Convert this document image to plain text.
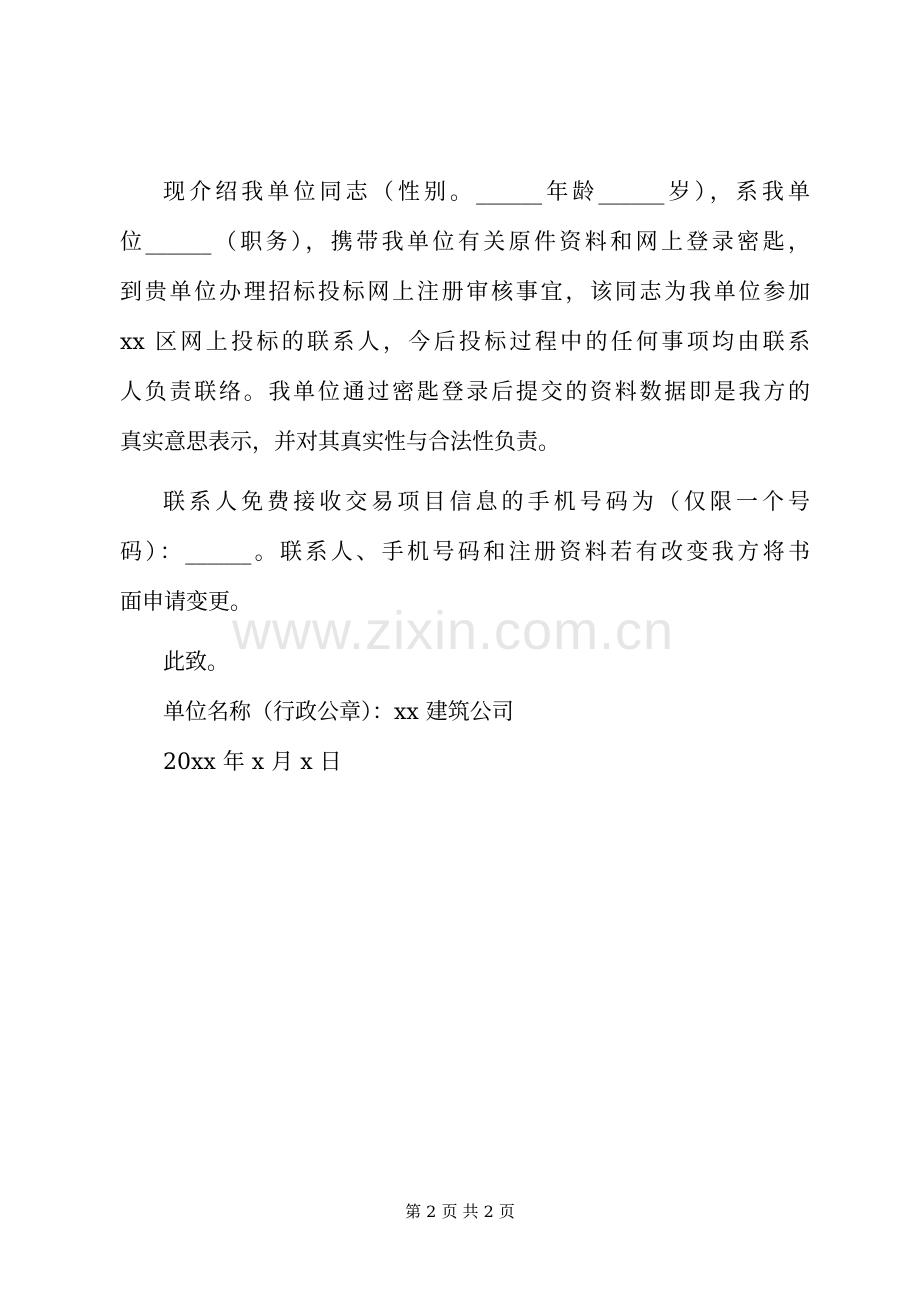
www.zixin.com.cn
现介绍我单位同志（性别。______年龄______岁），系我单
位______（职务），携带我单位有关原件资料和网上登录密匙，
到贵单位办理招标投标网上注册审核事宜，该同志为我单位参加
xx 区网上投标的联系人，今后投标过程中的任何事项均由联系
人负责联络。我单位通过密匙登录后提交的资料数据即是我方的
真实意思表示，并对其真实性与合法性负责。
联系人免费接收交易项目信息的手机号码为（仅限一个号
码）：______。联系人、手机号码和注册资料若有改变我方将书
面申请变更。
此致。
单位名称（行政公章）：xx 建筑公司
20xx 年 x 月 x 日
第 2 页 共 2 页
